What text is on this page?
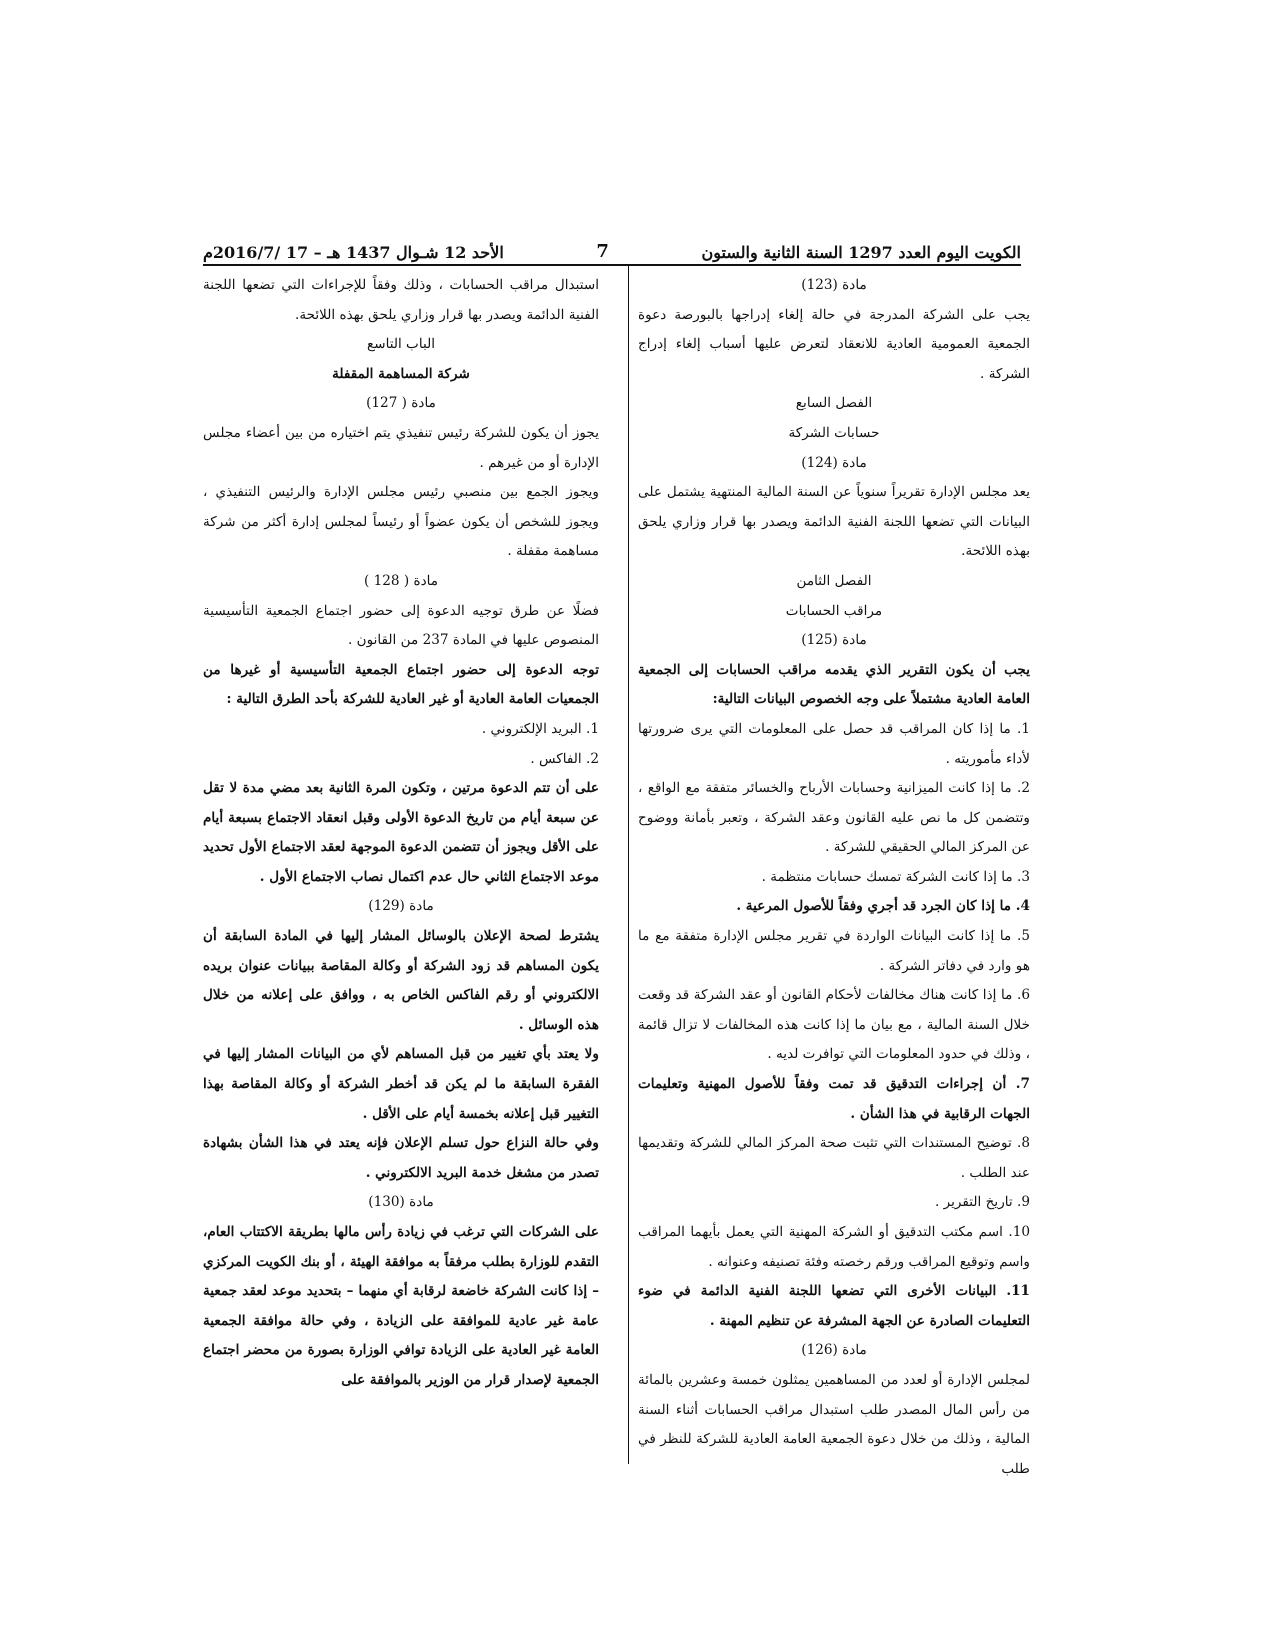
الكويت اليوم العدد 1297 السنة الثانية والستون
7
الأحد 12 شـوال 1437 هـ – 17 /2016/7م

مادة (123)

يجب على الشركة المدرجة في حالة إلغاء إدراجها بالبورصة دعوة الجمعية العمومية العادية للانعقاد لتعرض عليها أسباب إلغاء إدراج الشركة .

الفصل السابع

حسابات الشركة

مادة (124)

يعد مجلس الإدارة تقريراً سنوياً عن السنة المالية المنتهية يشتمل على البيانات التي تضعها اللجنة الفنية الدائمة ويصدر بها قرار وزاري يلحق بهذه اللائحة.

الفصل الثامن

مراقب الحسابات

مادة (125)

يجب أن يكون التقرير الذي يقدمه مراقب الحسابات إلى الجمعية العامة العادية مشتملاً على وجه الخصوص البيانات التالية:

1. ما إذا كان المراقب قد حصل على المعلومات التي يرى ضرورتها لأداء مأموريته .

2. ما إذا كانت الميزانية وحسابات الأرباح والخسائر متفقة مع الواقع ، وتتضمن كل ما نص عليه القانون وعقد الشركة ، وتعبر بأمانة ووضوح عن المركز المالي الحقيقي للشركة .

3. ما إذا كانت الشركة تمسك حسابات منتظمة .

4. ما إذا كان الجرد قد أجري وفقاً للأصول المرعية .

5. ما إذا كانت البيانات الواردة في تقرير مجلس الإدارة متفقة مع ما هو وارد في دفاتر الشركة .

6. ما إذا كانت هناك مخالفات لأحكام القانون أو عقد الشركة قد وقعت خلال السنة المالية ، مع بيان ما إذا كانت هذه المخالفات لا تزال قائمة ، وذلك في حدود المعلومات التي توافرت لديه .

7. أن إجراءات التدقيق قد تمت وفقاً للأصول المهنية وتعليمات الجهات الرقابية في هذا الشأن .

8. توضيح المستندات التي تثبت صحة المركز المالي للشركة وتقديمها عند الطلب .

9. تاريخ التقرير .

10. اسم مكتب التدقيق أو الشركة المهنية التي يعمل بأيهما المراقب واسم وتوقيع المراقب ورقم رخصته وفئة تصنيفه وعنوانه .

11. البيانات الأخرى التي تضعها اللجنة الفنية الدائمة في ضوء التعليمات الصادرة عن الجهة المشرفة عن تنظيم المهنة .

مادة (126)

لمجلس الإدارة أو لعدد من المساهمين يمثلون خمسة وعشرين بالمائة من رأس المال المصدر طلب استبدال مراقب الحسابات أثناء السنة المالية ، وذلك من خلال دعوة الجمعية العامة العادية للشركة للنظر في طلب

استبدال مراقب الحسابات ، وذلك وفقاً للإجراءات التي تضعها اللجنة الفنية الدائمة ويصدر بها قرار وزاري يلحق بهذه اللائحة.

الباب التاسع

شركة المساهمة المقفلة

مادة ( 127)

يجوز أن يكون للشركة رئيس تنفيذي يتم اختياره من بين أعضاء مجلس الإدارة أو من غيرهم .

ويجوز الجمع بين منصبي رئيس مجلس الإدارة والرئيس التنفيذي ، ويجوز للشخص أن يكون عضواً أو رئيساً لمجلس إدارة أكثر من شركة مساهمة مقفلة .

مادة ( 128 )

فضلًا عن طرق توجيه الدعوة إلى حضور اجتماع الجمعية التأسيسية المنصوص عليها في المادة 237 من القانون .

توجه الدعوة إلى حضور اجتماع الجمعية التأسيسية أو غيرها من الجمعيات العامة العادية أو غير العادية للشركة بأحد الطرق التالية :

1. البريد الإلكتروني .

2. الفاكس .

على أن تتم الدعوة مرتين ، وتكون المرة الثانية بعد مضي مدة لا تقل عن سبعة أيام من تاريخ الدعوة الأولى وقبل انعقاد الاجتماع بسبعة أيام على الأقل ويجوز أن تتضمن الدعوة الموجهة لعقد الاجتماع الأول تحديد موعد الاجتماع الثاني حال عدم اكتمال نصاب الاجتماع الأول .

مادة (129)

يشترط لصحة الإعلان بالوسائل المشار إليها في المادة السابقة أن يكون المساهم قد زود الشركة أو وكالة المقاصة ببيانات عنوان بريده الالكتروني أو رقم الفاكس الخاص به ، ووافق على إعلانه من خلال هذه الوسائل .

ولا يعتد بأي تغيير من قبل المساهم لأي من البيانات المشار إليها في الفقرة السابقة ما لم يكن قد أخطر الشركة أو وكالة المقاصة بهذا التغيير قبل إعلانه بخمسة أيام على الأقل .

وفي حالة النزاع حول تسلم الإعلان فإنه يعتد في هذا الشأن بشهادة تصدر من مشغل خدمة البريد الالكتروني .

مادة (130)

على الشركات التي ترغب في زيادة رأس مالها بطريقة الاكتتاب العام، التقدم للوزارة بطلب مرفقاً به موافقة الهيئة ، أو بنك الكويت المركزي – إذا كانت الشركة خاضعة لرقابة أي منهما – بتحديد موعد لعقد جمعية عامة غير عادية للموافقة على الزيادة ، وفي حالة موافقة الجمعية العامة غير العادية على الزيادة توافي الوزارة بصورة من محضر اجتماع الجمعية لإصدار قرار من الوزير بالموافقة على
